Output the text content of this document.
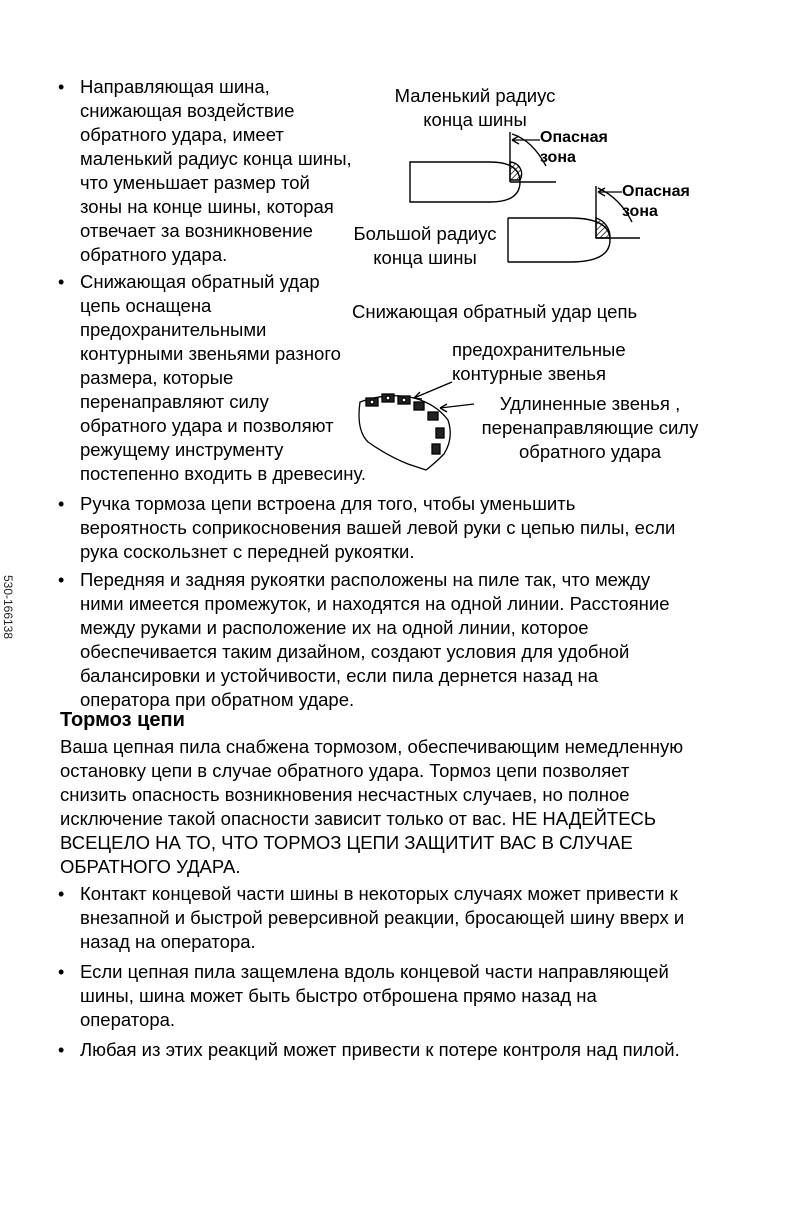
530-166138
• Направляющая шина,
снижающая воздействие
обратного удара, имеет
маленький радиус конца шины,
что уменьшает размер той
зоны на конце шины, которая
отвечает за возникновение
обратного удара.
• Снижающая обратный удар
цепь оснащена
предохранительными
контурными звеньями разного
размера, которые
перенаправляют силу
обратного удара и позволяют
режущему инструменту
постепенно входить в древесину.
• Ручка тормоза цепи встроена для того, чтобы уменьшить
вероятность соприкосновения вашей левой руки с цепью пилы, если
рука соскользнет с передней рукоятки.
• Передняя и задняя рукоятки расположены на пиле так, что между
ними имеется промежуток, и находятся на одной линии. Расстояние
между руками и расположение их на одной линии, которое
обеспечивается таким дизайном, создают условия для удобной
балансировки и устойчивости, если пила дернется назад на
оператора при обратном ударе.
Маленький радиус
конца шины
Опасная
зона
Опасная
зона
Большой радиус
конца шины
Снижающая обратный удар цепь
предохранительные
контурные звенья
Удлиненные звенья ,
перенаправляющие силу
обратного удара
Тормоз цепи
Ваша цепная пила снабжена тормозом, обеспечивающим немедленную
остановку цепи в случае обратного удара. Тормоз цепи позволяет
снизить опасность возникновения несчастных случаев, но полное
исключение такой опасности зависит только от вас. НЕ НАДЕЙТЕСЬ
ВСЕЦЕЛО НА ТО, ЧТО ТОРМОЗ ЦЕПИ ЗАЩИТИТ ВАС В СЛУЧАЕ
ОБРАТНОГО УДАРА.
• Контакт концевой части шины в некоторых случаях может привести к
внезапной и быстрой реверсивной реакции, бросающей шину вверх и
назад на оператора.
• Если цепная пила защемлена вдоль концевой части направляющей
шины, шина может быть быстро отброшена прямо назад на
оператора.
• Любая из этих реакций может привести к потере контроля над пилой.
